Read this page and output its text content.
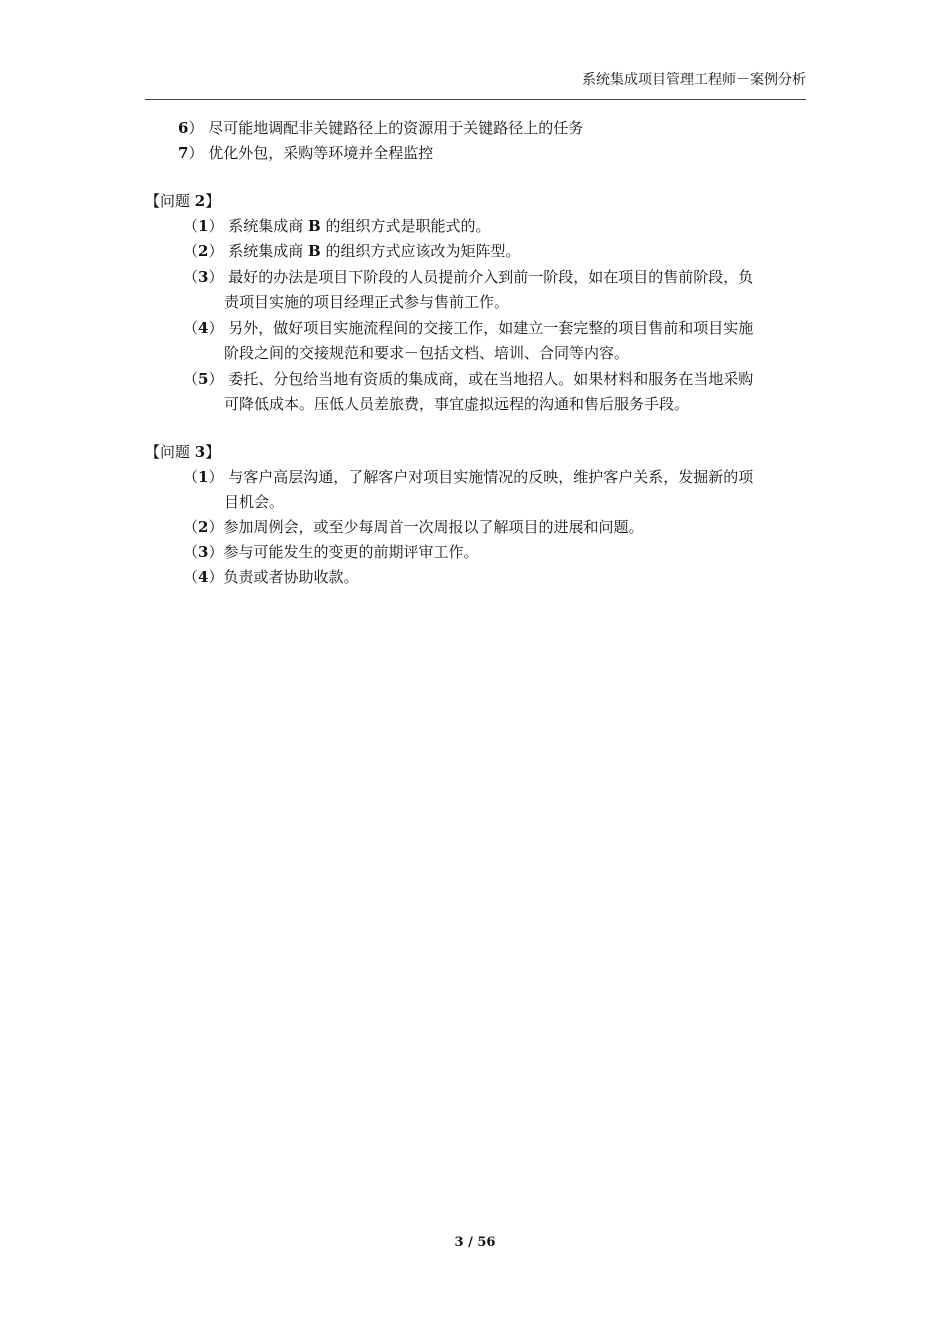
系统集成项目管理工程师－案例分析
6） 尽可能地调配非关键路径上的资源用于关键路径上的任务
7） 优化外包，采购等环境并全程监控
【问题 2】
（1） 系统集成商 B 的组织方式是职能式的。
（2） 系统集成商 B 的组织方式应该改为矩阵型。
（3） 最好的办法是项目下阶段的人员提前介入到前一阶段，如在项目的售前阶段，负
责项目实施的项目经理正式参与售前工作。
（4） 另外，做好项目实施流程间的交接工作，如建立一套完整的项目售前和项目实施
阶段之间的交接规范和要求－包括文档、培训、合同等内容。
（5） 委托、分包给当地有资质的集成商，或在当地招人。如果材料和服务在当地采购
可降低成本。压低人员差旅费，事宜虚拟远程的沟通和售后服务手段。
【问题 3】
（1） 与客户高层沟通，了解客户对项目实施情况的反映，维护客户关系，发掘新的项
目机会。
（2）参加周例会，或至少每周首一次周报以了解项目的进展和问题。
（3）参与可能发生的变更的前期评审工作。
（4）负责或者协助收款。
3 / 56
